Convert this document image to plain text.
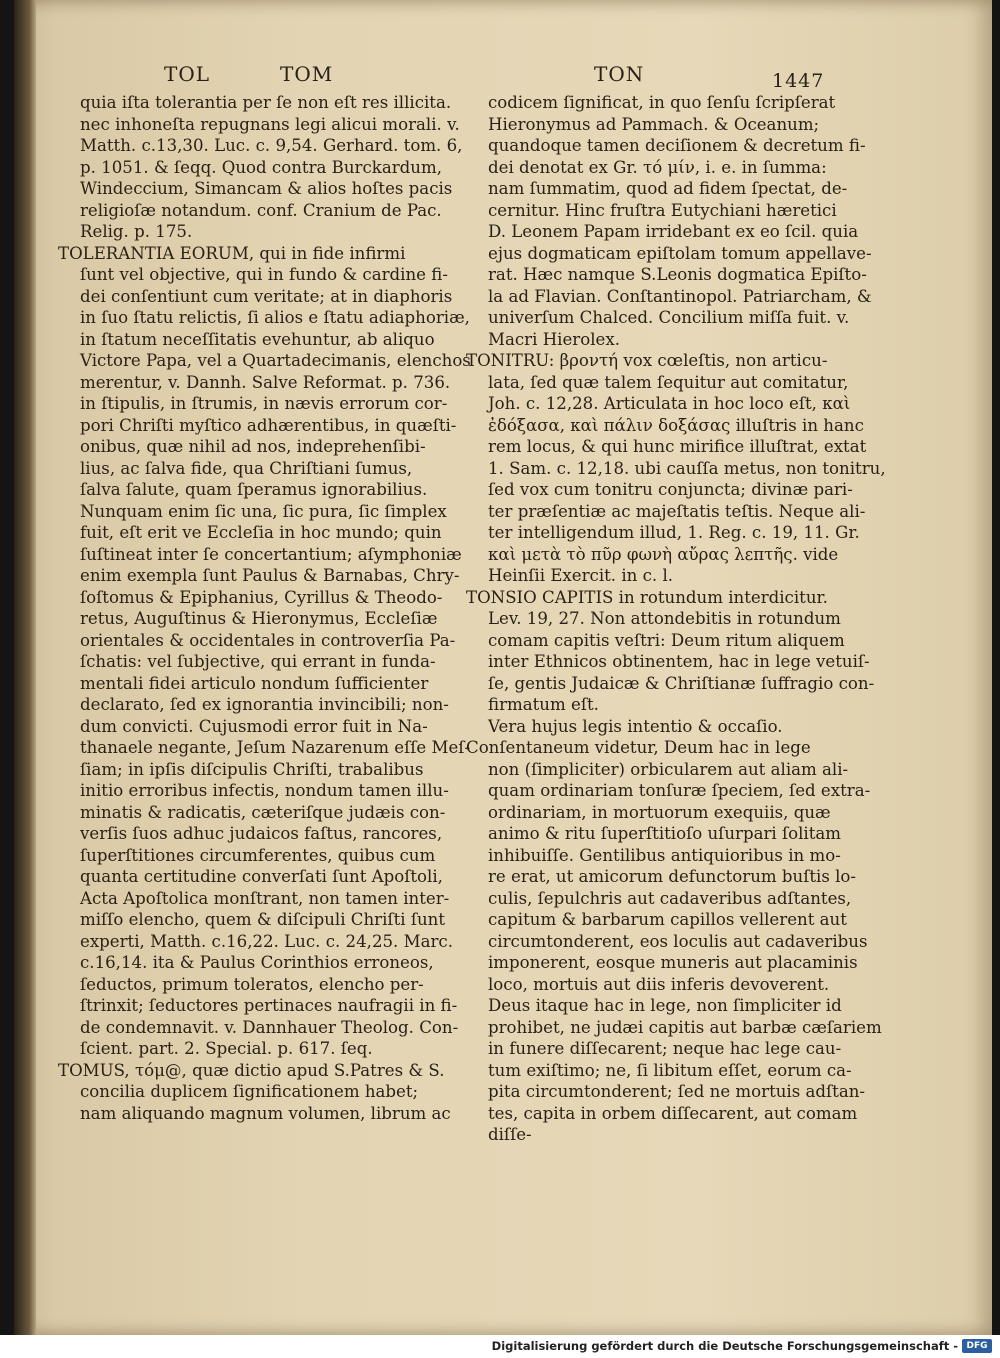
TOL	TOM	TON	1447
quia iſta tolerantia per ſe non eſt res illicita.
nec inhoneſta repugnans legi alicui morali. v.
Matth. c.13,30. Luc. c. 9,54. Gerhard. tom. 6,
p. 1051. & ſeqq. Quod contra Burckardum,
Windeccium, Simancam & alios hoſtes pacis
religioſæ notandum. conf. Cranium de Pac.
Relig. p. 175.
TOLERANTIA EORUM, qui in fide infirmi
ſunt vel objective, qui in fundo & cardine fi-
dei conſentiunt cum veritate; at in diaphoris
in ſuo ſtatu relictis, ſi alios e ſtatu adiaphoriæ,
in ſtatum neceſſitatis evehuntur, ab aliquo
Victore Papa, vel a Quartadecimanis, elenchos
merentur, v. Dannh. Salve Reformat. p. 736.
in ſtipulis, in ſtrumis, in nævis errorum cor-
pori Chriſti myſtico adhærentibus, in quæſti-
onibus, quæ nihil ad nos, indeprehenſibi-
lius, ac ſalva fide, qua Chriſtiani ſumus,
ſalva ſalute, quam ſperamus ignorabilius.
Nunquam enim ſic una, ſic pura, ſic ſimplex
fuit, eſt erit ve Eccleſia in hoc mundo; quin
ſuſtineat inter ſe concertantium; aſymphoniæ
enim exempla ſunt Paulus & Barnabas, Chry-
ſoſtomus & Epiphanius, Cyrillus & Theodo-
retus, Auguſtinus & Hieronymus, Eccleſiæ
orientales & occidentales in controverſia Pa-
ſchatis: vel ſubjective, qui errant in funda-
mentali fidei articulo nondum ſufficienter
declarato, ſed ex ignorantia invincibili; non-
dum convicti. Cujusmodi error fuit in Na-
thanaele negante, Jeſum Nazarenum eſſe Meſ-
ſiam; in ipſis diſcipulis Chriſti, trabalibus
initio erroribus infectis, nondum tamen illu-
minatis & radicatis, cæteriſque judæis con-
verſis ſuos adhuc judaicos faſtus, rancores,
ſuperſtitiones circumferentes, quibus cum
quanta certitudine converſati ſunt Apoſtoli,
Acta Apoſtolica monſtrant, non tamen inter-
miſſo elencho, quem & diſcipuli Chriſti ſunt
experti, Matth. c.16,22. Luc. c. 24,25. Marc.
c.16,14. ita & Paulus Corinthios erroneos,
ſeductos, primum toleratos, elencho per-
ſtrinxit; ſeductores pertinaces naufragii in fi-
de condemnavit. v. Dannhauer Theolog. Con-
ſcient. part. 2. Special. p. 617. ſeq.
TOMUS, τόμ@, quæ dictio apud S.Patres & S.
concilia duplicem ſignificationem habet;
nam aliquando magnum volumen, librum ac
codicem ſignificat, in quo ſenſu ſcripſerat
Hieronymus ad Pammach. & Oceanum;
quandoque tamen deciſionem & decretum fi-
dei denotat ex Gr. τό μίν, i. e. in ſumma:
nam ſummatim, quod ad fidem ſpectat, de-
cernitur. Hinc fruſtra Eutychiani hæretici
D. Leonem Papam irridebant ex eo ſcil. quia
ejus dogmaticam epiſtolam tomum appellave-
rat. Hæc namque S.Leonis dogmatica Epiſto-
la ad Flavian. Conſtantinopol. Patriarcham, &
univerſum Chalced. Concilium miſſa fuit. v.
Macri Hierolex.
TONITRU: βροντή vox cœleſtis, non articu-
lata, ſed quæ talem ſequitur aut comitatur,
Joh. c. 12,28. Articulata in hoc loco eſt, καὶ
ἐδόξασα, καὶ πάλιν δοξάσας illuſtris in hanc
rem locus, & qui hunc mirifice illuſtrat, extat
1. Sam. c. 12,18. ubi cauſſa metus, non tonitru,
ſed vox cum tonitru conjuncta; divinæ pari-
ter præſentiæ ac majeſtatis teſtis. Neque ali-
ter intelligendum illud, 1. Reg. c. 19, 11. Gr.
καὶ μετὰ τὸ πῦρ φωνὴ αὔρας λεπτῆς. vide
Heinſii Exercit. in c. l.
TONSIO CAPITIS in rotundum interdicitur.
Lev. 19, 27. Non attondebitis in rotundum
comam capitis veſtri: Deum ritum aliquem
inter Ethnicos obtinentem, hac in lege vetuiſ-
ſe, gentis Judaicæ & Chriſtianæ ſuffragio con-
firmatum eſt.
Vera hujus legis intentio & occaſio.
Conſentaneum videtur, Deum hac in lege
non (ſimpliciter) orbicularem aut aliam ali-
quam ordinariam tonſuræ ſpeciem, ſed extra-
ordinariam, in mortuorum exequiis, quæ
animo & ritu ſuperſtitioſo uſurpari ſolitam
inhibuiſſe. Gentilibus antiquioribus in mo-
re erat, ut amicorum defunctorum buſtis lo-
culis, ſepulchris aut cadaveribus adſtantes,
capitum & barbarum capillos vellerent aut
circumtonderent, eos loculis aut cadaveribus
imponerent, eosque muneris aut placaminis
loco, mortuis aut diis inferis devoverent.
Deus itaque hac in lege, non ſimpliciter id
prohibet, ne judæi capitis aut barbæ cæſariem
in funere diſſecarent; neque hac lege cau-
tum exiſtimo; ne, ſi libitum eſſet, eorum ca-
pita circumtonderent; ſed ne mortuis adſtan-
tes, capita in orbem diſſecarent, aut comam
diſſe-
Digitalisierung gefördert durch die Deutsche Forschungsgemeinschaft - DFG
